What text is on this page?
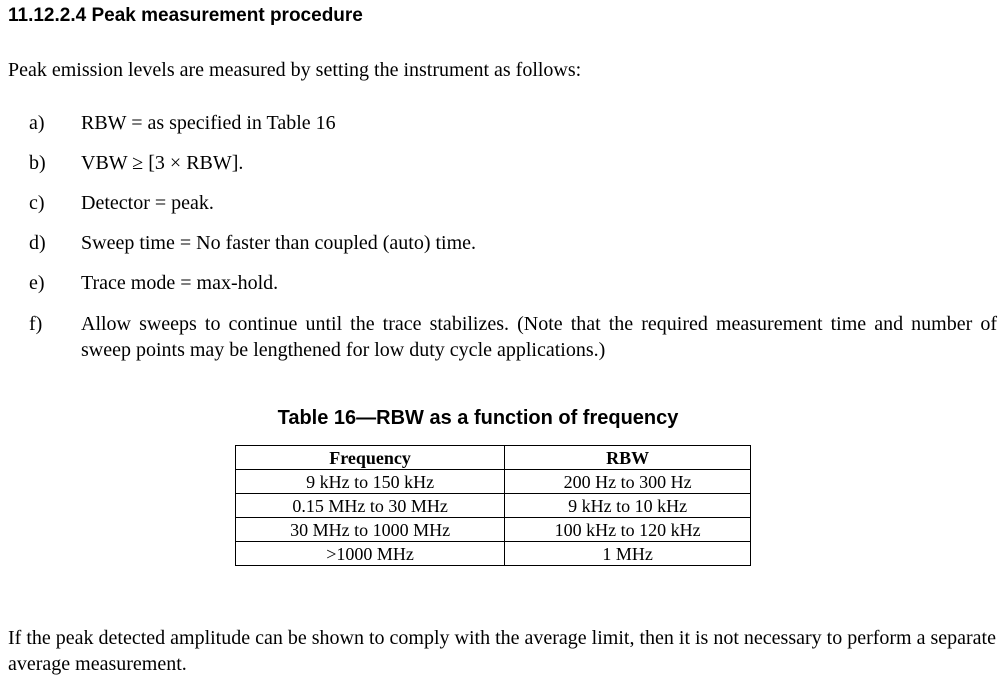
11.12.2.4 Peak measurement procedure

Peak emission levels are measured by setting the instrument as follows:

a) RBW = as specified in Table 16
b) VBW ≥ [3 × RBW].
c) Detector = peak.
d) Sweep time = No faster than coupled (auto) time.
e) Trace mode = max-hold.
f) Allow sweeps to continue until the trace stabilizes. (Note that the required measurement time and number of sweep points may be lengthened for low duty cycle applications.)
Table 16—RBW as a function of frequency
Frequency	RBW
9 kHz to 150 kHz	200 Hz to 300 Hz
0.15 MHz to 30 MHz	9 kHz to 10 kHz
30 MHz to 1000 MHz	100 kHz to 120 kHz
>1000 MHz	1 MHz

If the peak detected amplitude can be shown to comply with the average limit, then it is not necessary to perform a separate average measurement.
